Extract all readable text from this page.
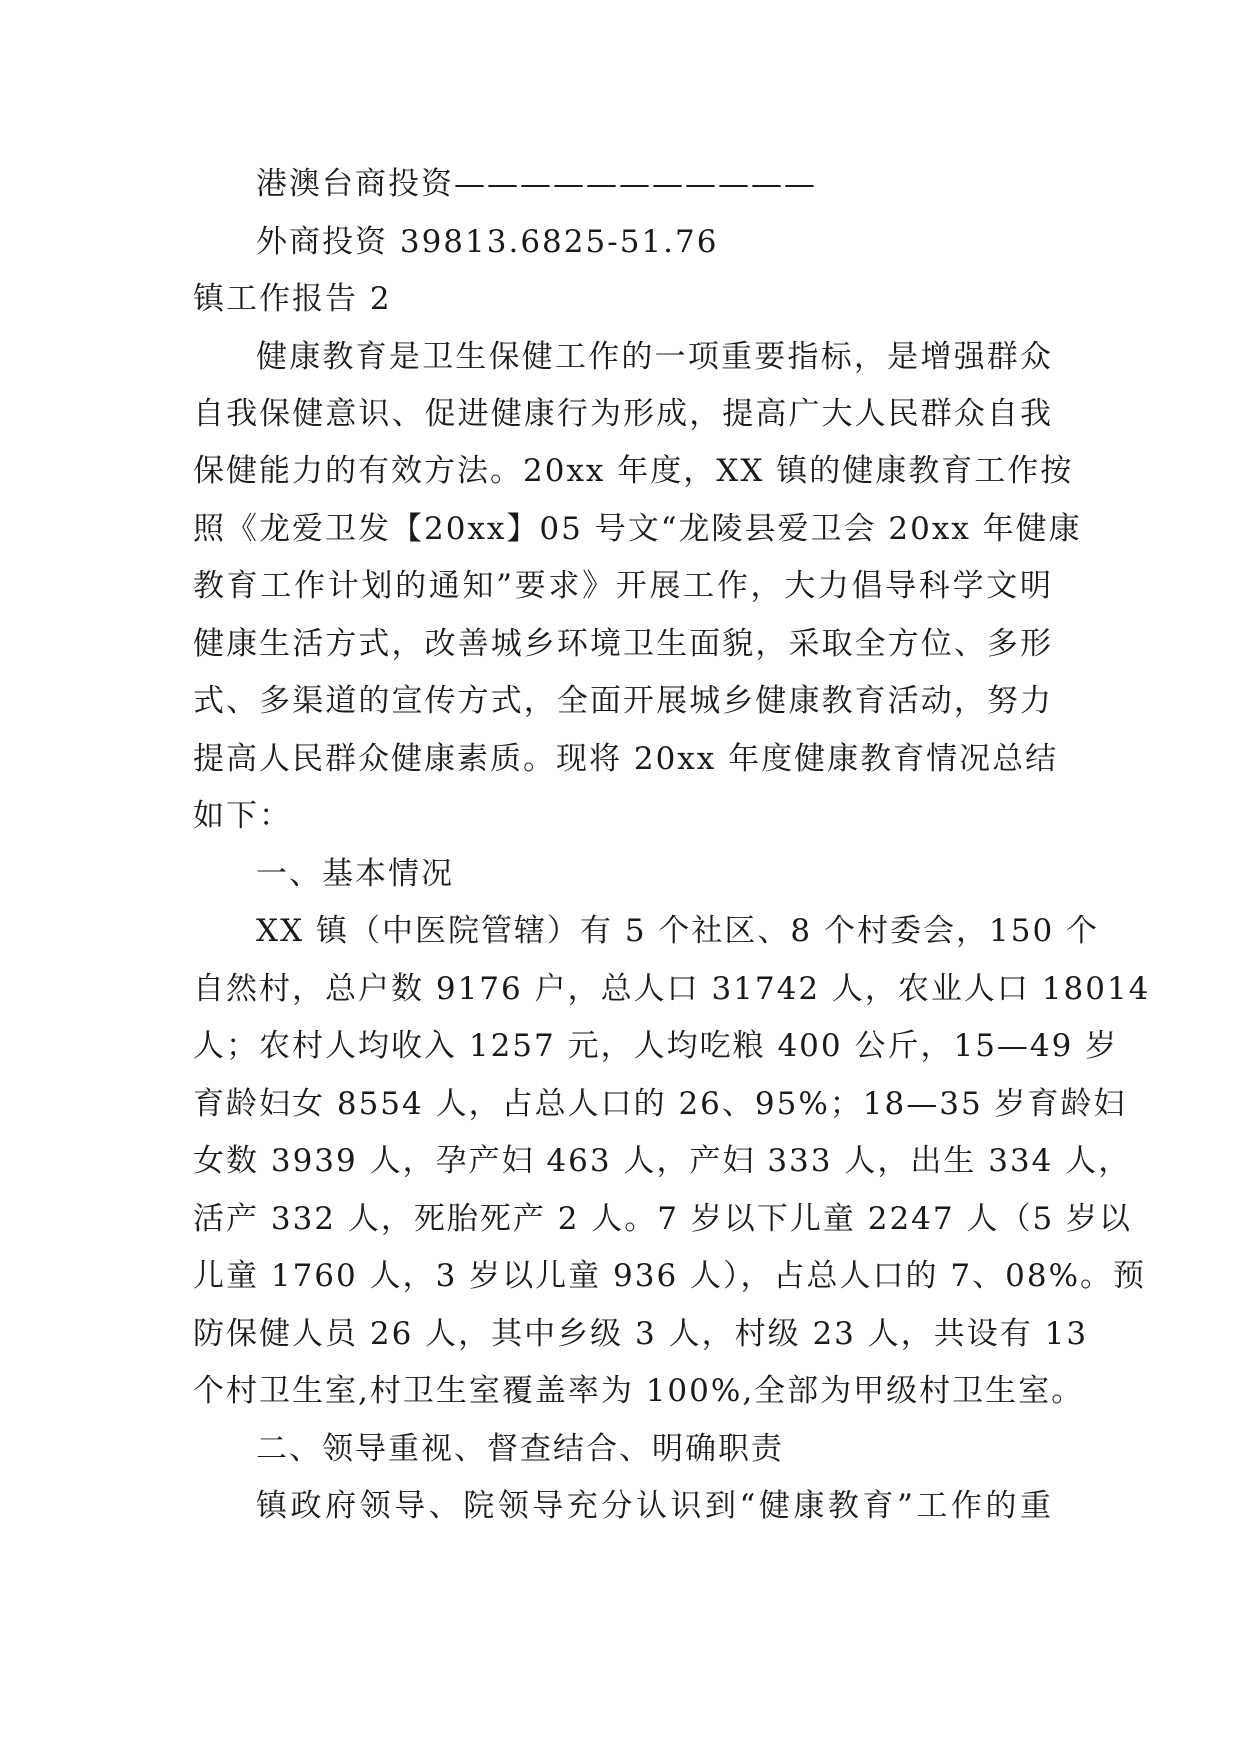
港澳台商投资———————————
外商投资 39813.6825-51.76
镇工作报告 2
健康教育是卫生保健工作的一项重要指标，是增强群众
自我保健意识、促进健康行为形成，提高广大人民群众自我
保健能力的有效方法。20xx 年度，XX 镇的健康教育工作按
照《龙爱卫发【20xx】05 号文“龙陵县爱卫会 20xx 年健康
教育工作计划的通知”要求》开展工作，大力倡导科学文明
健康生活方式，改善城乡环境卫生面貌，采取全方位、多形
式、多渠道的宣传方式，全面开展城乡健康教育活动，努力
提高人民群众健康素质。现将 20xx 年度健康教育情况总结
如下：
一、基本情况
XX 镇（中医院管辖）有 5 个社区、8 个村委会，150 个
自然村，总户数 9176 户，总人口 31742 人，农业人口 18014
人；农村人均收入 1257 元，人均吃粮 400 公斤，15—49 岁
育龄妇女 8554 人，占总人口的 26、95%；18—35 岁育龄妇
女数 3939 人，孕产妇 463 人，产妇 333 人，出生 334 人，
活产 332 人，死胎死产 2 人。7 岁以下儿童 2247 人（5 岁以
儿童 1760 人，3 岁以儿童 936 人），占总人口的 7、08%。预
防保健人员 26 人，其中乡级 3 人，村级 23 人，共设有 13
个村卫生室,村卫生室覆盖率为 100%,全部为甲级村卫生室。
二、领导重视、督查结合、明确职责
镇政府领导、院领导充分认识到“健康教育”工作的重
